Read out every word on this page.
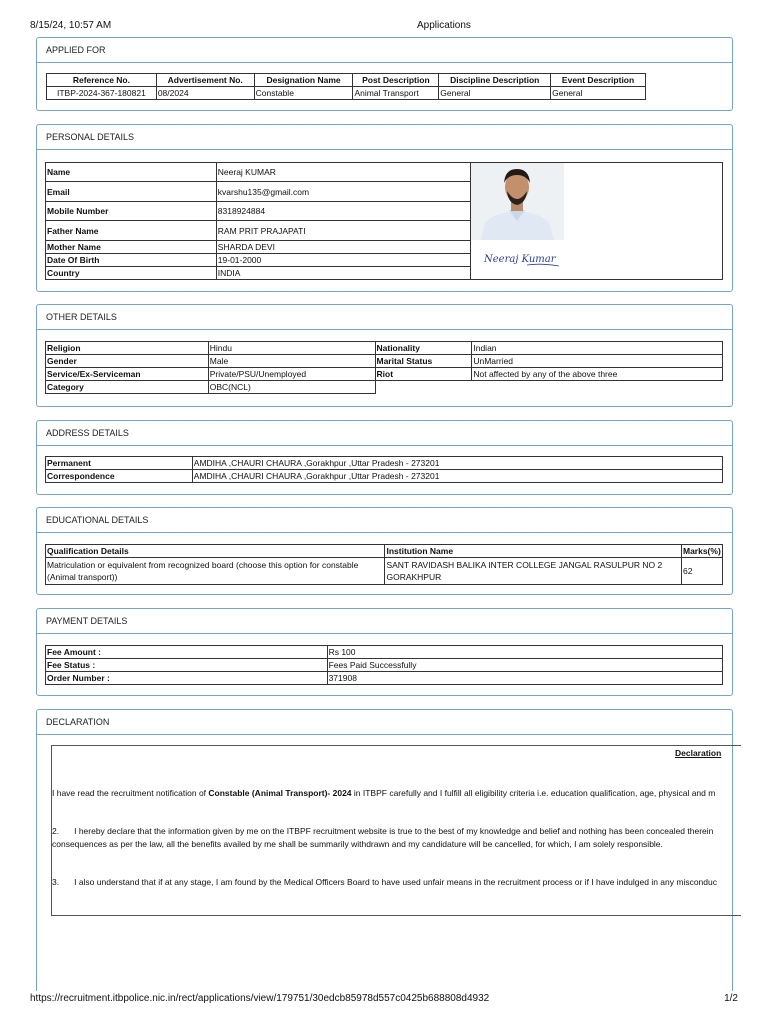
8/15/24, 10:57 AM	Applications
APPLIED FOR
Reference No.	Advertisement No.	Designation Name	Post Description	Discipline Description	Event Description
ITBP-2024-367-180821	08/2024	Constable	Animal Transport	General	General
PERSONAL DETAILS
Name	Neeraj KUMAR	
Email	kvarshu135@gmail.com	
Mobile Number	8318924884	
Father Name	RAM PRIT PRAJAPATI	
Mother Name	SHARDA DEVI	
Date Of Birth	19-01-2000	
Country	INDIA	
Neeraj Kumar
OTHER DETAILS
Religion	Hindu	Nationality	Indian
Gender	Male	Marital Status	UnMarried
Service/Ex-Serviceman	Private/PSU/Unemployed	Riot	Not affected by any of the above three
Category	OBC(NCL)		
ADDRESS DETAILS
Permanent	AMDIHA ,CHAURI CHAURA ,Gorakhpur ,Uttar Pradesh - 273201
Correspondence	AMDIHA ,CHAURI CHAURA ,Gorakhpur ,Uttar Pradesh - 273201
EDUCATIONAL DETAILS
Qualification Details	Institution Name	Marks(%)
Matriculation or equivalent from recognized board (choose this option for constable
(Animal transport))	SANT RAVIDASH BALIKA INTER COLLEGE JANGAL RASULPUR NO 2
GORAKHPUR	62
PAYMENT DETAILS
Fee Amount :	Rs 100
Fee Status :	Fees Paid Successfully
Order Number :	371908
DECLARATION
Declaration
I have read the recruitment notification of Constable (Animal Transport)- 2024 in ITBPF carefully and I fulfill all eligibility criteria i.e. education qualification, age, physical and m
2. I hereby declare that the information given by me on the ITBPF recruitment website is true to the best of my knowledge and belief and nothing has been concealed therein
consequences as per the law, all the benefits availed by me shall be summarily withdrawn and my candidature will be cancelled, for which, I am solely responsible.
3. I also understand that if at any stage, I am found by the Medical Officers Board to have used unfair means in the recruitment process or if I have indulged in any misconduc
https://recruitment.itbpolice.nic.in/rect/applications/view/179751/30edcb85978d557c0425b688808d4932	1/2
